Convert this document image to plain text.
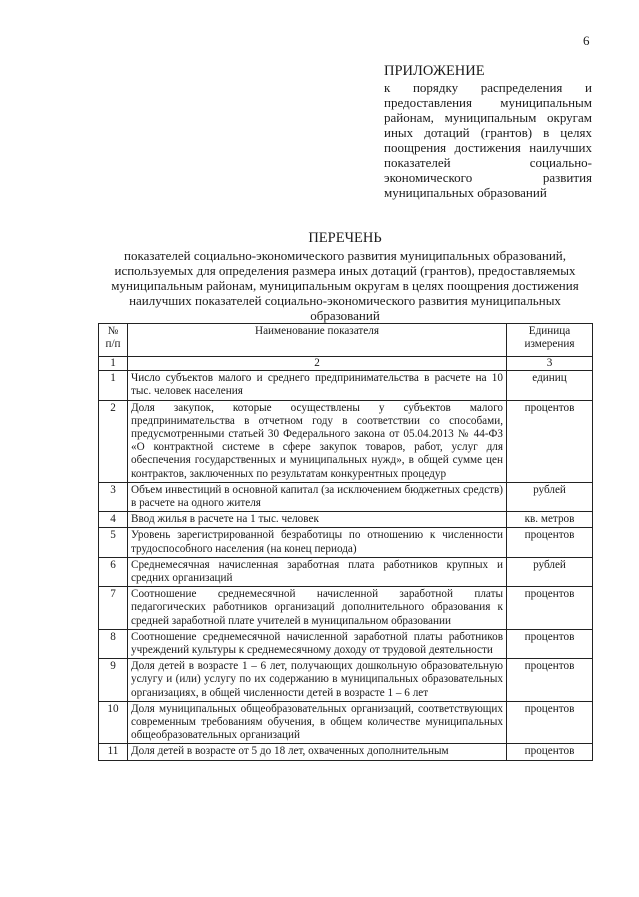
6
ПРИЛОЖЕНИЕ
к порядку распределения и предоставления муниципальным районам, муниципальным округам иных дотаций (грантов) в целях поощрения достижения наилучших показателей социально-экономического развития муниципальных образований
ПЕРЕЧЕНЬ
показателей социально-экономического развития муниципальных образований, используемых для определения размера иных дотаций (грантов), предоставляемых муниципальным районам, муниципальным округам в целях поощрения достижения наилучших показателей социально-экономического развития муниципальных образований
№ п/п	Наименование показателя	Единица измерения
1	2	3
1	Число субъектов малого и среднего предпринимательства в расчете на 10 тыс. человек населения	единиц
2	Доля закупок, которые осуществлены у субъектов малого предпринимательства в отчетном году в соответствии со способами, предусмотренными статьей 30 Федерального закона от 05.04.2013 № 44-ФЗ «О контрактной системе в сфере закупок товаров, работ, услуг для обеспечения государственных и муниципальных нужд», в общей сумме цен контрактов, заключенных по результатам конкурентных процедур	процентов
3	Объем инвестиций в основной капитал (за исключением бюджетных средств) в расчете на одного жителя	рублей
4	Ввод жилья в расчете на 1 тыс. человек	кв. метров
5	Уровень зарегистрированной безработицы по отношению к численности трудоспособного населения (на конец периода)	процентов
6	Среднемесячная начисленная заработная плата работников крупных и средних организаций	рублей
7	Соотношение среднемесячной начисленной заработной платы педагогических работников организаций дополнительного образования к средней заработной плате учителей в муниципальном образовании	процентов
8	Соотношение среднемесячной начисленной заработной платы работников учреждений культуры к среднемесячному доходу от трудовой деятельности	процентов
9	Доля детей в возрасте 1 – 6 лет, получающих дошкольную образовательную услугу и (или) услугу по их содержанию в муниципальных образовательных организациях, в общей численности детей в возрасте 1 – 6 лет	процентов
10	Доля муниципальных общеобразовательных организаций, соответствующих современным требованиям обучения, в общем количестве муниципальных общеобразовательных организаций	процентов
11	Доля детей в возрасте от 5 до 18 лет, охваченных дополнительным	процентов
